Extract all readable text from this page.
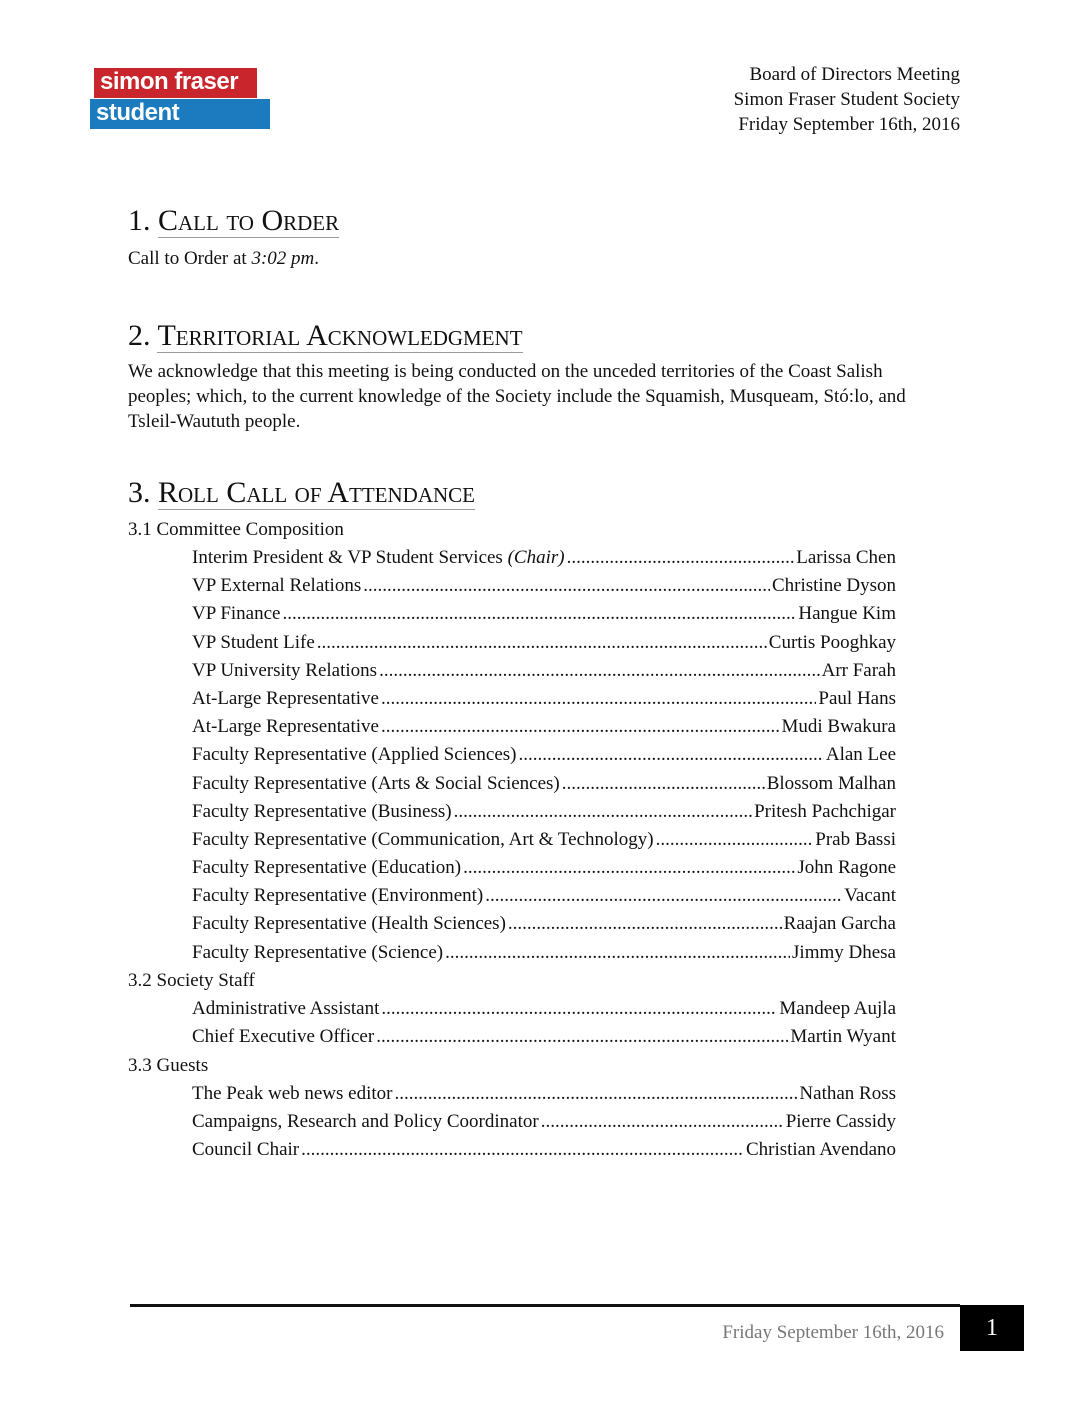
simon fraser
student society
Board of Directors Meeting
Simon Fraser Student Society
Friday September 16th, 2016
1. Call to Order
Call to Order at 3:02 pm.
2. Territorial Acknowledgment
We acknowledge that this meeting is being conducted on the unceded territories of the Coast Salish peoples; which, to the current knowledge of the Society include the Squamish, Musqueam, Stó:lo, and Tsleil-Waututh people.
3. Roll Call of Attendance
3.1 Committee Composition
Interim President & VP Student Services (Chair) .....	Larissa Chen
VP External Relations .....	Christine Dyson
VP Finance .....	Hangue Kim
VP Student Life .....	Curtis Pooghkay
VP University Relations .....	Arr Farah
At-Large Representative .....	Paul Hans
At-Large Representative .....	Mudi Bwakura
Faculty Representative (Applied Sciences) .....	Alan Lee
Faculty Representative (Arts & Social Sciences) .....	Blossom Malhan
Faculty Representative (Business) .....	Pritesh Pachchigar
Faculty Representative (Communication, Art & Technology) .....	Prab Bassi
Faculty Representative (Education) .....	John Ragone
Faculty Representative (Environment) .....	Vacant
Faculty Representative (Health Sciences) .....	Raajan Garcha
Faculty Representative (Science) .....	Jimmy Dhesa
3.2 Society Staff
Administrative Assistant .....	Mandeep Aujla
Chief Executive Officer .....	Martin Wyant
3.3 Guests
The Peak web news editor .....	Nathan Ross
Campaigns, Research and Policy Coordinator .....	Pierre Cassidy
Council Chair .....	Christian Avendano
Friday September 16th, 2016	1
